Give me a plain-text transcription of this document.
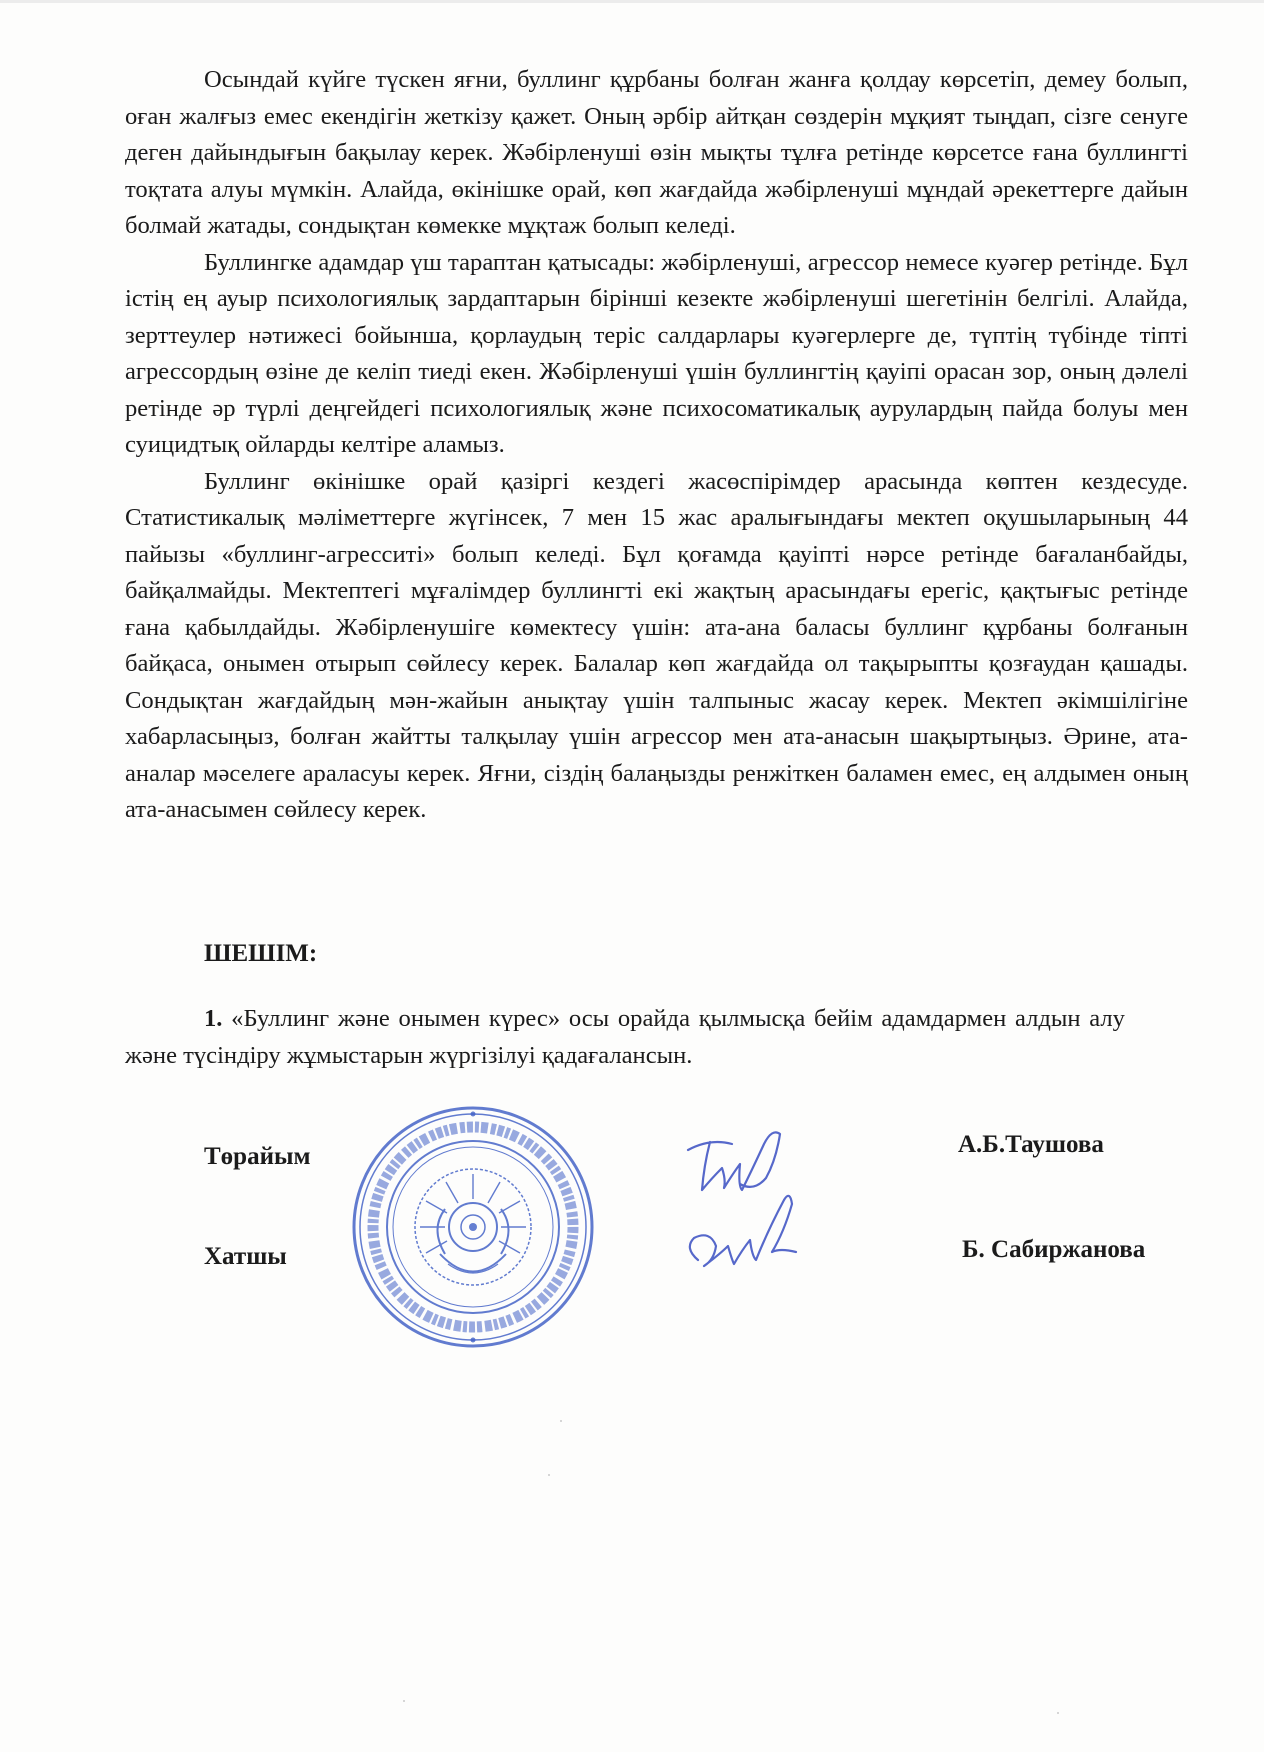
Осындай күйге түскен яғни, буллинг құрбаны болған жанға қолдау көрсетіп, демеу болып, оған жалғыз емес екендігін жеткізу қажет. Оның әрбір айтқан сөздерін мұқият тыңдап, сізге сенуге деген дайындығын бақылау керек. Жәбірленуші өзін мықты тұлға ретінде көрсетсе ғана буллингті тоқтата алуы мүмкін. Алайда, өкінішке орай, көп жағдайда жәбірленуші мұндай әрекеттерге дайын болмай жатады, сондықтан көмекке мұқтаж болып келеді.

Буллингке адамдар үш тараптан қатысады: жәбірленуші, агрессор немесе куәгер ретінде. Бұл істің ең ауыр психологиялық зардаптарын бірінші кезекте жәбірленуші шегетінін белгілі. Алайда, зерттеулер нәтижесі бойынша, қорлаудың теріс салдарлары куәгерлерге де, түптің түбінде тіпті агрессордың өзіне де келіп тиеді екен. Жәбірленуші үшін буллингтің қауіпі орасан зор, оның дәлелі ретінде әр түрлі деңгейдегі психологиялық және психосоматикалық аурулардың пайда болуы мен суицидтық ойларды келтіре аламыз.

Буллинг өкінішке орай қазіргі кездегі жасөспірімдер арасында көптен кездесуде. Статистикалық мәліметтерге жүгінсек, 7 мен 15 жас аралығындағы мектеп оқушыларының 44 пайызы «буллинг-агресситі» болып келеді. Бұл қоғамда қауіпті нәрсе ретінде бағаланбайды, байқалмайды. Мектептегі мұғалімдер буллингті екі жақтың арасындағы ерегіс, қақтығыс ретінде ғана қабылдайды. Жәбірленушіге көмектесу үшін: ата-ана баласы буллинг құрбаны болғанын байқаса, онымен отырып сөйлесу керек. Балалар көп жағдайда ол тақырыпты қозғаудан қашады. Сондықтан жағдайдың мән-жайын анықтау үшін талпыныс жасау керек. Мектеп әкімшілігіне хабарласыңыз, болған жайтты талқылау үшін агрессор мен ата-анасын шақыртыңыз. Әрине, ата-аналар мәселеге араласуы керек. Яғни, сіздің балаңызды ренжіткен баламен емес, ең алдымен оның ата-анасымен сөйлесу керек.

ШЕШІМ:

1. «Буллинг және онымен күрес» осы орайда қылмысқа бейім адамдармен алдын алу және түсіндіру жұмыстарын жүргізілуі қадағалансын.

Төрайым

Хатшы

А.Б.Таушова

Б. Сабиржанова
